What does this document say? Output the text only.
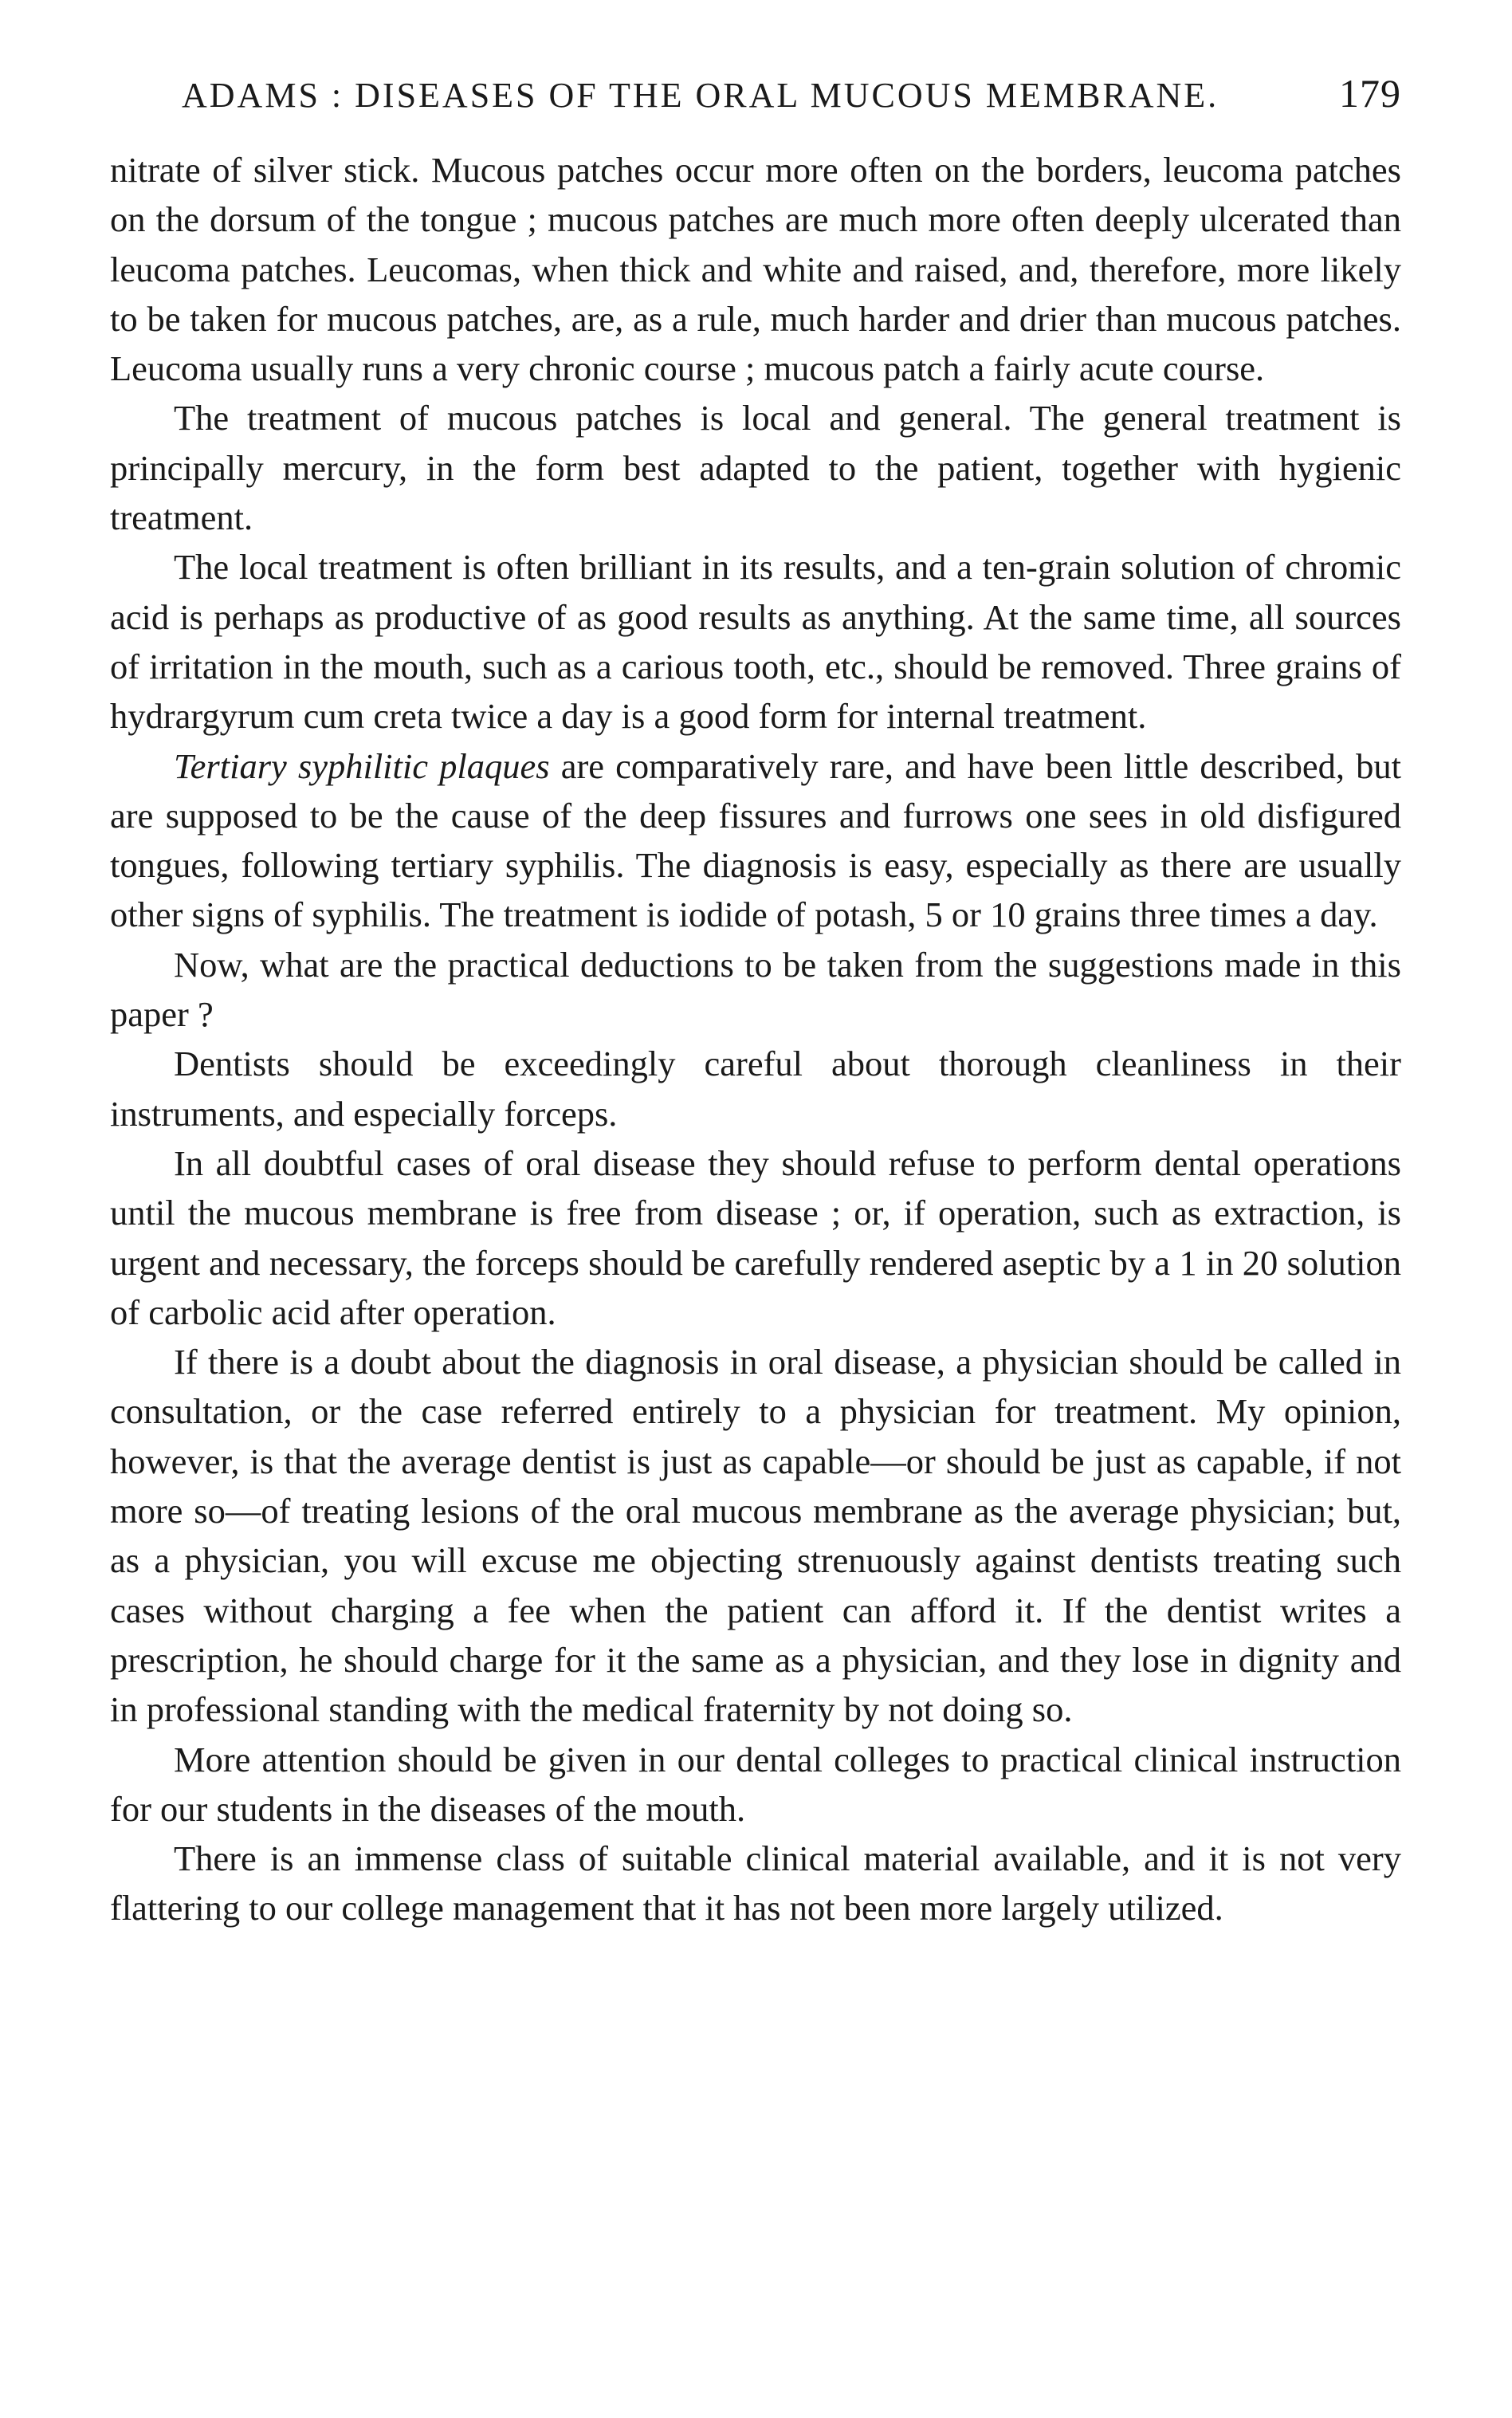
ADAMS : DISEASES OF THE ORAL MUCOUS MEMBRANE.	179

nitrate of silver stick. Mucous patches occur more often on the borders, leucoma patches on the dorsum of the tongue ; mucous patches are much more often deeply ulcerated than leucoma patches. Leucomas, when thick and white and raised, and, therefore, more likely to be taken for mucous patches, are, as a rule, much harder and drier than mucous patches. Leucoma usually runs a very chronic course ; mucous patch a fairly acute course.

The treatment of mucous patches is local and general. The general treatment is principally mercury, in the form best adapted to the patient, together with hygienic treatment.

The local treatment is often brilliant in its results, and a ten-grain solution of chromic acid is perhaps as productive of as good results as anything. At the same time, all sources of irritation in the mouth, such as a carious tooth, etc., should be removed. Three grains of hydrargyrum cum creta twice a day is a good form for internal treatment.

Tertiary syphilitic plaques are comparatively rare, and have been little described, but are supposed to be the cause of the deep fissures and furrows one sees in old disfigured tongues, following tertiary syphilis. The diagnosis is easy, especially as there are usually other signs of syphilis. The treatment is iodide of potash, 5 or 10 grains three times a day.

Now, what are the practical deductions to be taken from the suggestions made in this paper ?

Dentists should be exceedingly careful about thorough cleanliness in their instruments, and especially forceps.

In all doubtful cases of oral disease they should refuse to perform dental operations until the mucous membrane is free from disease ; or, if operation, such as extraction, is urgent and necessary, the forceps should be carefully rendered aseptic by a 1 in 20 solution of carbolic acid after operation.

If there is a doubt about the diagnosis in oral disease, a physician should be called in consultation, or the case referred entirely to a physician for treatment. My opinion, however, is that the average dentist is just as capable—or should be just as capable, if not more so—of treating lesions of the oral mucous membrane as the average physician; but, as a physician, you will excuse me objecting strenuously against dentists treating such cases without charging a fee when the patient can afford it. If the dentist writes a prescription, he should charge for it the same as a physician, and they lose in dignity and in professional standing with the medical fraternity by not doing so.

More attention should be given in our dental colleges to practical clinical instruction for our students in the diseases of the mouth.

There is an immense class of suitable clinical material available, and it is not very flattering to our college management that it has not been more largely utilized.
